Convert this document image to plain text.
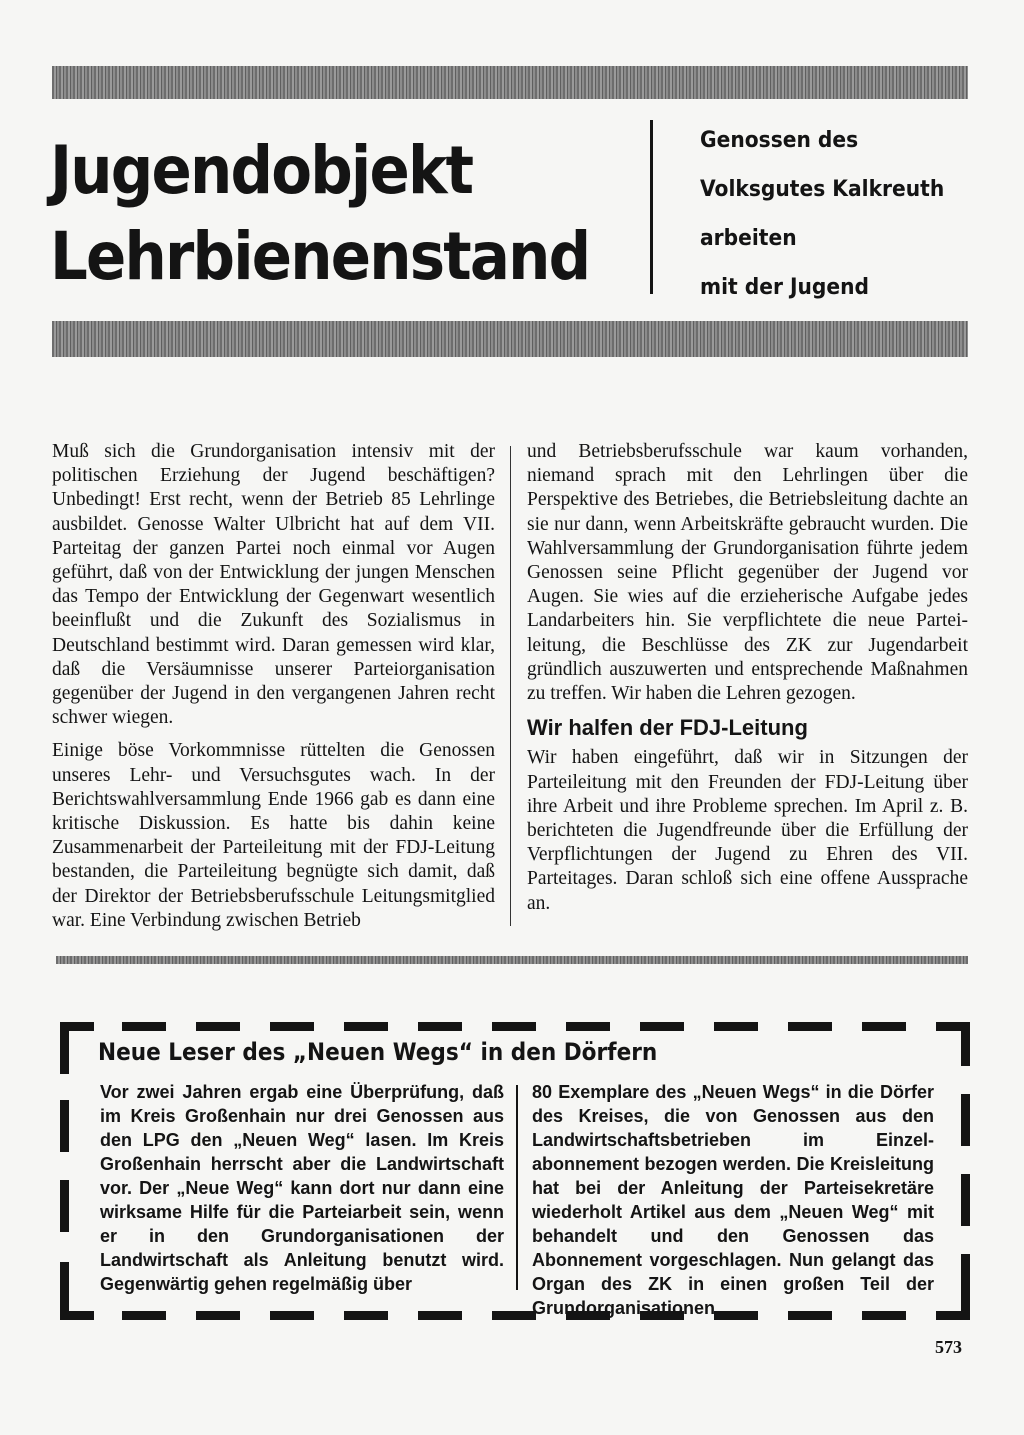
Jugendobjekt
Lehrbienenstand
Genossen des
Volksgutes Kalkreuth
arbeiten
mit der Jugend

Muß sich die Grundorganisation intensiv mit der politischen Erziehung der Jugend beschäftigen? Unbedingt! Erst recht, wenn der Betrieb 85 Lehrlinge ausbildet. Genosse Walter Ulbricht hat auf dem VII. Parteitag der ganzen Partei noch einmal vor Augen geführt, daß von der Entwicklung der jungen Menschen das Tempo der Entwicklung der Gegenwart wesentlich beeinflußt und die Zukunft des Sozialismus in Deutschland bestimmt wird. Daran gemessen wird klar, daß die Versäumnisse unserer Parteiorganisation gegenüber der Jugend in den vergangenen Jahren recht schwer wiegen.

Einige böse Vorkommnisse rüttelten die Genossen unseres Lehr- und Versuchsgutes wach. In der Berichtswahlversammlung Ende 1966 gab es dann eine kritische Diskussion. Es hatte bis dahin keine Zusammenarbeit der Parteileitung mit der FDJ-Leitung bestanden, die Parteileitung begnügte sich damit, daß der Direktor der Betriebsberufsschule Leitungsmitglied war. Eine Verbindung zwischen Betrieb

und Betriebsberufsschule war kaum vorhanden, niemand sprach mit den Lehrlingen über die Perspektive des Betriebes, die Betriebsleitung dachte an sie nur dann, wenn Arbeitskräfte gebraucht wurden. Die Wahlversammlung der Grundorganisation führte jedem Genossen seine Pflicht gegenüber der Jugend vor Augen. Sie wies auf die erzieherische Aufgabe jedes Landarbeiters hin. Sie verpflichtete die neue Parteileitung, die Beschlüsse des ZK zur Jugendarbeit gründlich auszuwerten und entsprechende Maßnahmen zu treffen. Wir haben die Lehren gezogen.

Wir halfen der FDJ-Leitung

Wir haben eingeführt, daß wir in Sitzungen der Parteileitung mit den Freunden der FDJ-Leitung über ihre Arbeit und ihre Probleme sprechen. Im April z. B. berichteten die Jugendfreunde über die Erfüllung der Verpflichtungen der Jugend zu Ehren des VII. Parteitages. Daran schloß sich eine offene Aussprache an.

Neue Leser des „Neuen Wegs“ in den Dörfern
Vor zwei Jahren ergab eine Überprüfung, daß im Kreis Großenhain nur drei Genossen aus den LPG den „Neuen Weg“ lasen. Im Kreis Großenhain herrscht aber die Landwirtschaft vor. Der „Neue Weg“ kann dort nur dann eine wirksame Hilfe für die Parteiarbeit sein, wenn er in den Grundorganisationen der Landwirtschaft als Anleitung benutzt wird. Gegenwärtig gehen regelmäßig über
80 Exemplare des „Neuen Wegs“ in die Dörfer des Kreises, die von Genossen aus den Landwirtschaftsbetrieben im Einzelabonnement bezogen werden. Die Kreisleitung hat bei der Anleitung der Parteisekretäre wiederholt Artikel aus dem „Neuen Weg“ mit behandelt und den Genossen das Abonnement vorgeschlagen. Nun gelangt das Organ des ZK in einen großen Teil der Grundorganisationen.
573
